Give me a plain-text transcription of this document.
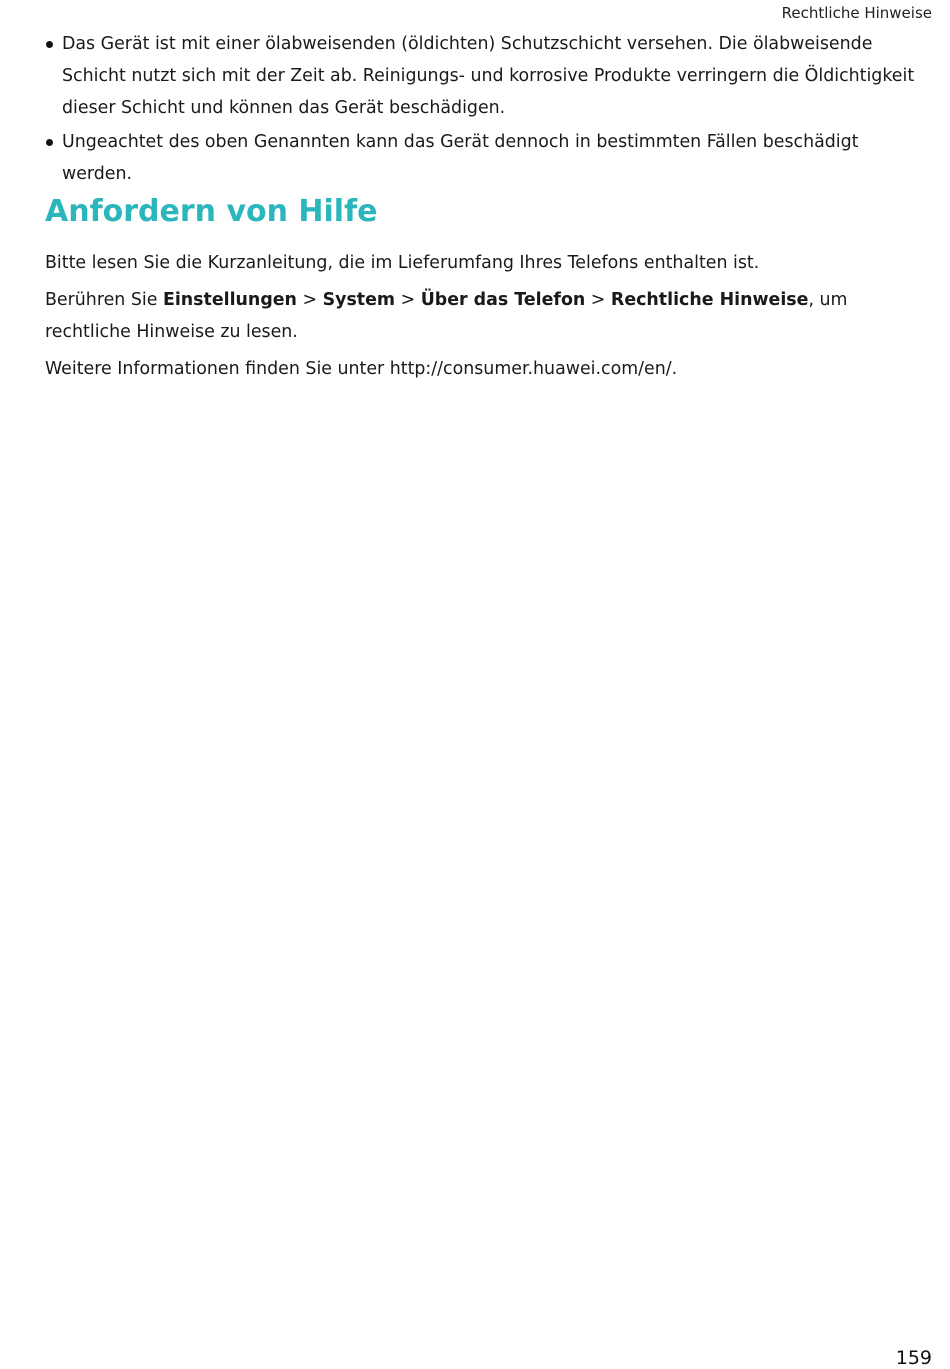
Rechtliche Hinweise
Das Gerät ist mit einer ölabweisenden (öldichten) Schutzschicht versehen. Die ölabweisende Schicht nutzt sich mit der Zeit ab. Reinigungs- und korrosive Produkte verringern die Öldichtigkeit dieser Schicht und können das Gerät beschädigen.
Ungeachtet des oben Genannten kann das Gerät dennoch in bestimmten Fällen beschädigt werden.
Anfordern von Hilfe

Bitte lesen Sie die Kurzanleitung, die im Lieferumfang Ihres Telefons enthalten ist.

Berühren Sie Einstellungen > System > Über das Telefon > Rechtliche Hinweise, um rechtliche Hinweise zu lesen.

Weitere Informationen finden Sie unter http://consumer.huawei.com/en/.

159
